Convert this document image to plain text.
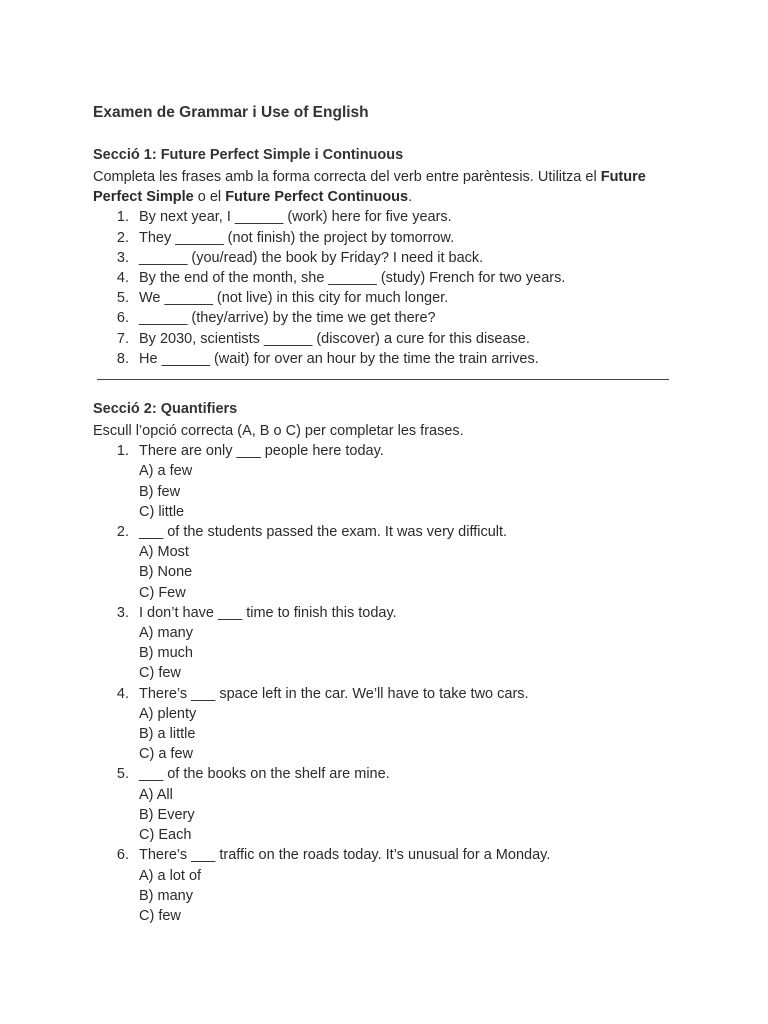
Examen de Grammar i Use of English
Secció 1: Future Perfect Simple i Continuous

Completa les frases amb la forma correcta del verb entre parèntesis. Utilitza el Future Perfect Simple o el Future Perfect Continuous.

1. By next year, I ______ (work) here for five years.
2. They ______ (not finish) the project by tomorrow.
3. ______ (you/read) the book by Friday? I need it back.
4. By the end of the month, she ______ (study) French for two years.
5. We ______ (not live) in this city for much longer.
6. ______ (they/arrive) by the time we get there?
7. By 2030, scientists ______ (discover) a cure for this disease.
8. He ______ (wait) for over an hour by the time the train arrives.
Secció 2: Quantifiers

Escull l’opció correcta (A, B o C) per completar les frases.

1. There are only ___ people here today.
A) a few
B) few
C) little
2. ___ of the students passed the exam. It was very difficult.
A) Most
B) None
C) Few
3. I don’t have ___ time to finish this today.
A) many
B) much
C) few
4. There’s ___ space left in the car. We’ll have to take two cars.
A) plenty
B) a little
C) a few
5. ___ of the books on the shelf are mine.
A) All
B) Every
C) Each
6. There’s ___ traffic on the roads today. It’s unusual for a Monday.
A) a lot of
B) many
C) few
